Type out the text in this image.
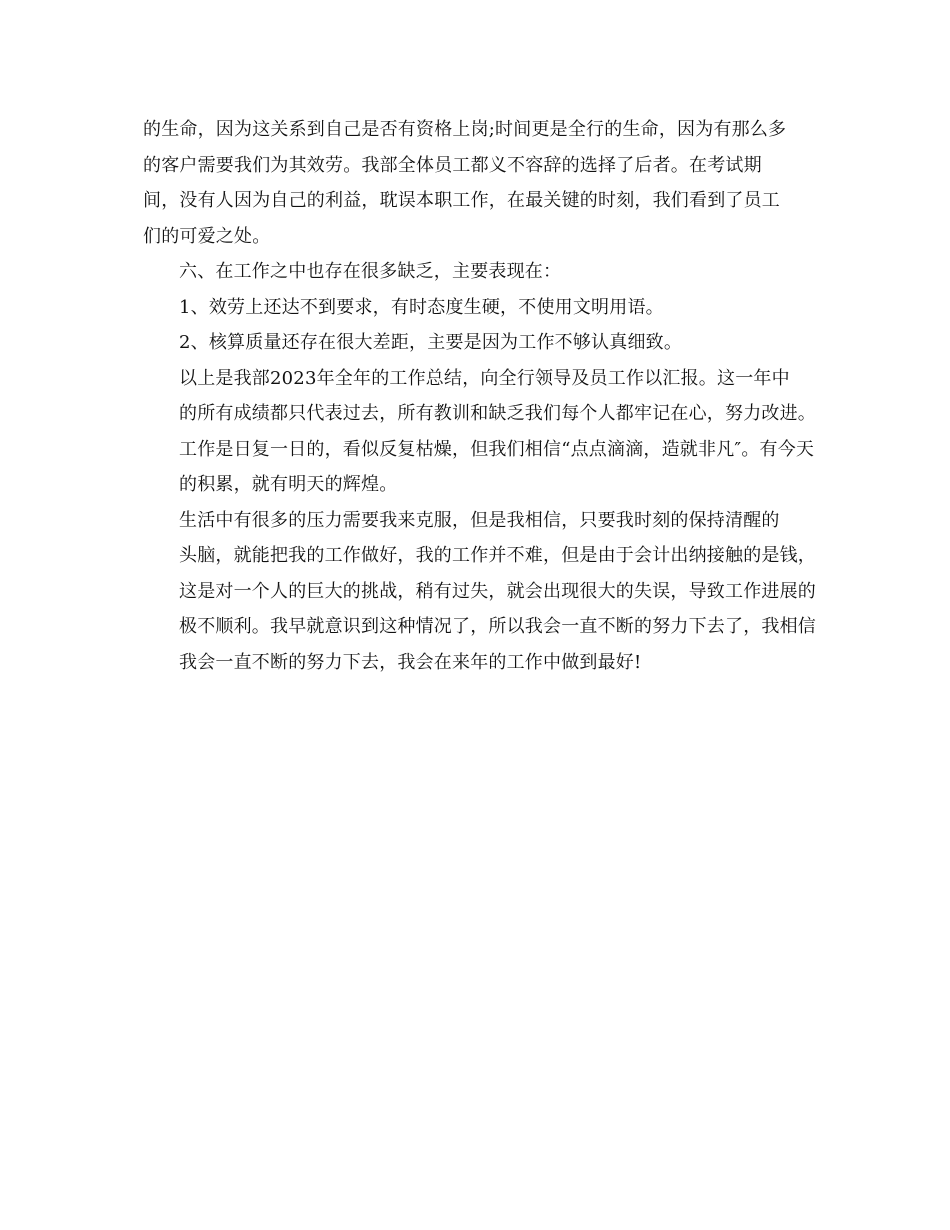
的生命，因为这关系到自己是否有资格上岗;时间更是全行的生命，因为有那么多
的客户需要我们为其效劳。我部全体员工都义不容辞的选择了后者。在考试期
间，没有人因为自己的利益，耽误本职工作，在最关键的时刻，我们看到了员工
们的可爱之处。
六、在工作之中也存在很多缺乏，主要表现在：
1、效劳上还达不到要求，有时态度生硬，不使用文明用语。
2、核算质量还存在很大差距，主要是因为工作不够认真细致。
以上是我部2023年全年的工作总结，向全行领导及员工作以汇报。这一年中
的所有成绩都只代表过去，所有教训和缺乏我们每个人都牢记在心，努力改进。
工作是日复一日的，看似反复枯燥，但我们相信“点点滴滴，造就非凡″。有今天
的积累，就有明天的辉煌。
生活中有很多的压力需要我来克服，但是我相信，只要我时刻的保持清醒的
头脑，就能把我的工作做好，我的工作并不难，但是由于会计出纳接触的是钱，
这是对一个人的巨大的挑战，稍有过失，就会出现很大的失误，导致工作进展的
极不顺利。我早就意识到这种情况了，所以我会一直不断的努力下去了，我相信
我会一直不断的努力下去，我会在来年的工作中做到最好!
